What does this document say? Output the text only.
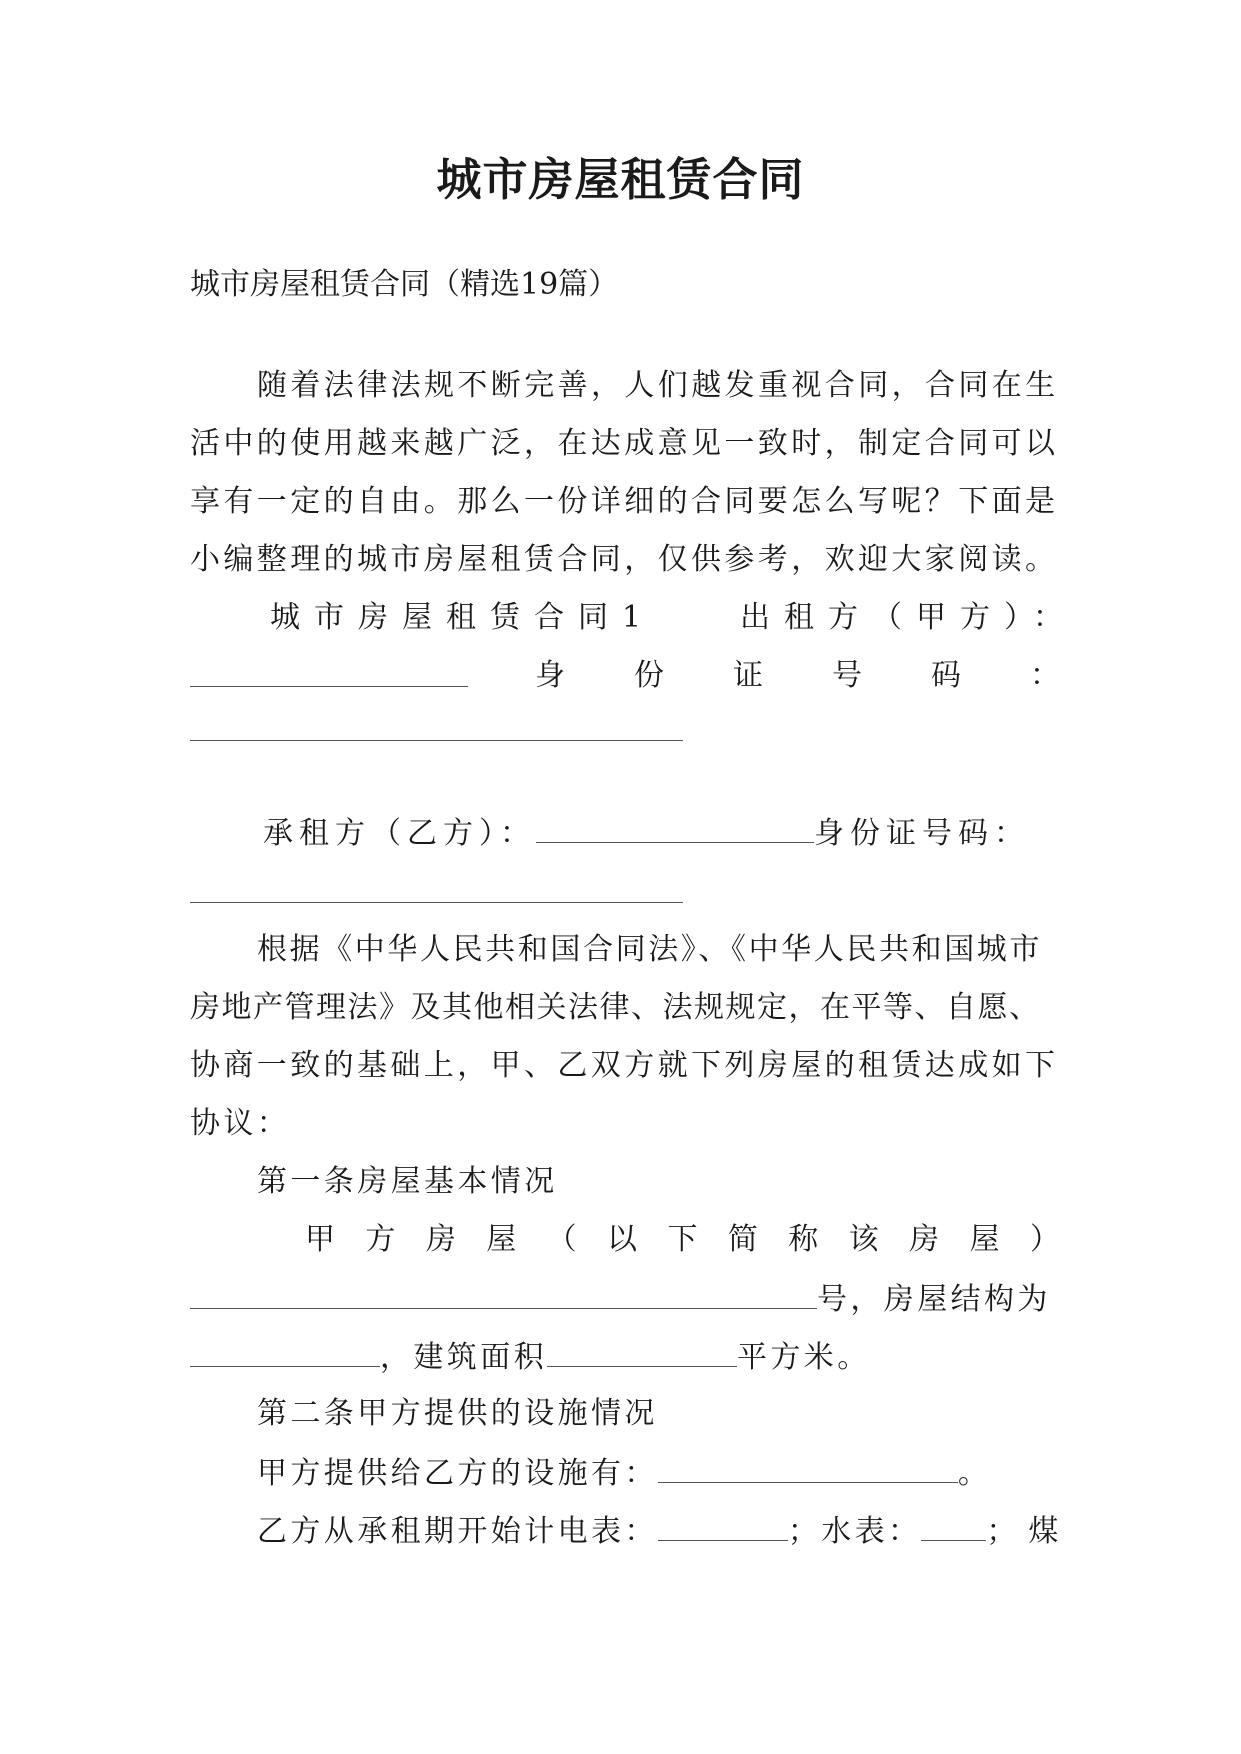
城市房屋租赁合同
城市房屋租赁合同（精选19篇）
随着法律法规不断完善，人们越发重视合同，合同在生
活中的使用越来越广泛，在达成意见一致时，制定合同可以
享有一定的自由。那么一份详细的合同要怎么写呢？下面是
小编整理的城市房屋租赁合同，仅供参考，欢迎大家阅读。
城市房屋租赁合同1	出租方（甲方）：
身 份 证 号 码 ：
承租方（乙方）：	身份证号码：
根据《中华人民共和国合同法》、《中华人民共和国城市
房地产管理法》及其他相关法律、法规规定，在平等、自愿、
协商一致的基础上，甲、乙双方就下列房屋的租赁达成如下
协议：
第一条房屋基本情况
甲 方 房 屋 （ 以 下 简 称 该 房 屋 ）
号，房屋结构为
，建筑面积	平方米。
第二条甲方提供的设施情况
甲方提供给乙方的设施有：	。
乙方从承租期开始计电表：	；水表： ；煤
